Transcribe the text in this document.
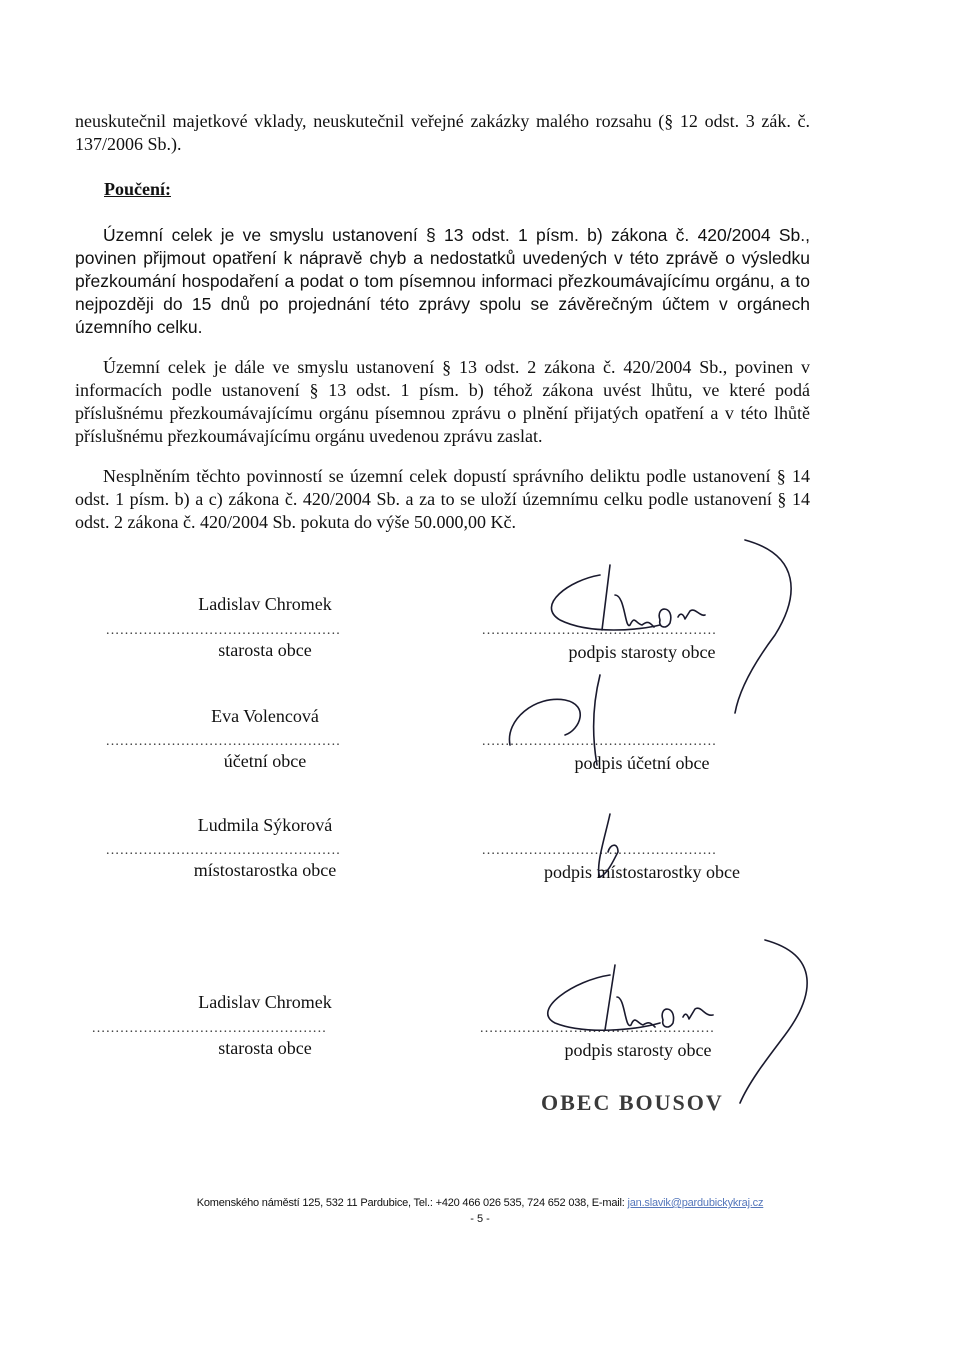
neuskutečnil majetkové vklady, neuskutečnil veřejné zakázky malého rozsahu (§ 12 odst. 3 zák. č. 137/2006 Sb.).

Poučení:

Územní celek je ve smyslu ustanovení § 13 odst. 1 písm. b) zákona č. 420/2004 Sb., povinen přijmout opatření k nápravě chyb a nedostatků uvedených v této zprávě o výsledku přezkoumání hospodaření a podat o tom písemnou informaci přezkoumávajícímu orgánu, a to nejpozději do 15 dnů po projednání této zprávy spolu se závěrečným účtem v orgánech územního celku.

Územní celek je dále ve smyslu ustanovení § 13 odst. 2 zákona č. 420/2004 Sb., povinen v informacích podle ustanovení § 13 odst. 1 písm. b) téhož zákona uvést lhůtu, ve které podá příslušnému přezkoumávajícímu orgánu písemnou zprávu o plnění přijatých opatření a v této lhůtě příslušnému přezkoumávajícímu orgánu uvedenou zprávu zaslat.

Nesplněním těchto povinností se územní celek dopustí správního deliktu podle ustanovení § 14 odst. 1 písm. b) a c) zákona č. 420/2004 Sb. a za to se uloží územnímu celku podle ustanovení § 14 odst. 2 zákona č. 420/2004 Sb. pokuta do výše 50.000,00 Kč.

Ladislav Chromek
..................................................	..................................................
starosta obce	podpis starosty obce
Eva Volencová
..................................................	..................................................
účetní obce	podpis účetní obce
Ludmila Sýkorová
..................................................	..................................................
místostarostka obce	podpis místostarostky obce
Ladislav Chromek
..................................................	..................................................
starosta obce	podpis starosty obce
OBEC BOUSOV
Komenského náměstí 125, 532 11 Pardubice, Tel.: +420 466 026 535, 724 652 038, E-mail: jan.slavik@pardubickykraj.cz
- 5 -
